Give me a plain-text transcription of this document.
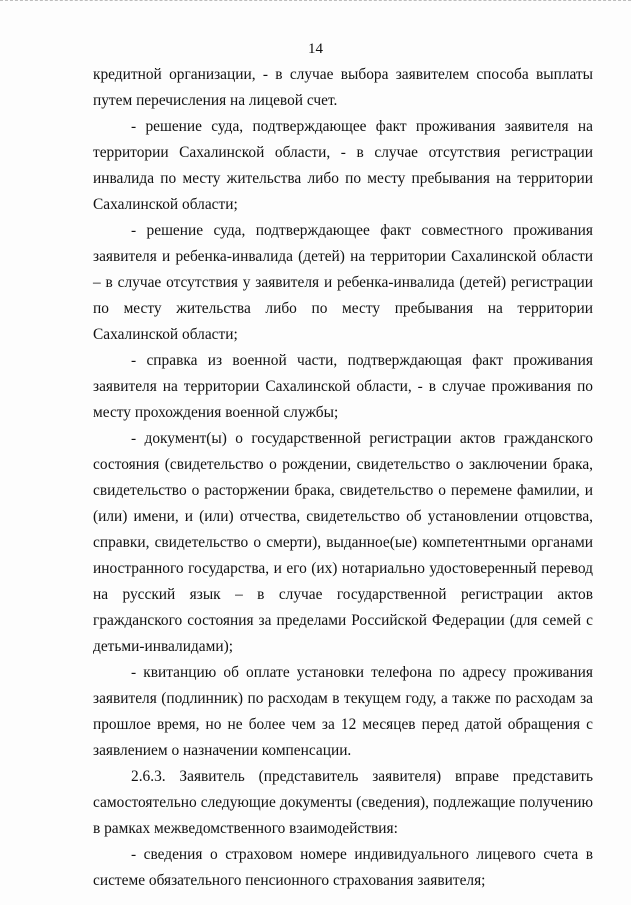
14

кредитной организации, - в случае выбора заявителем способа выплаты путем перечисления на лицевой счет.

- решение суда, подтверждающее факт проживания заявителя на территории Сахалинской области, - в случае отсутствия регистрации инвалида по месту жительства либо по месту пребывания на территории Сахалинской области;

- решение суда, подтверждающее факт совместного проживания заявителя и ребенка-инвалида (детей) на территории Сахалинской области – в случае отсутствия у заявителя и ребенка-инвалида (детей) регистрации по месту жительства либо по месту пребывания на территории Сахалинской области;

- справка из военной части, подтверждающая факт проживания заявителя на территории Сахалинской области, - в случае проживания по месту прохождения военной службы;

- документ(ы) о государственной регистрации актов гражданского состояния (свидетельство о рождении, свидетельство о заключении брака, свидетельство о расторжении брака, свидетельство о перемене фамилии, и (или) имени, и (или) отчества, свидетельство об установлении отцовства, справки, свидетельство о смерти), выданное(ые) компетентными органами иностранного государства, и его (их) нотариально удостоверенный перевод на русский язык – в случае государственной регистрации актов гражданского состояния за пределами Российской Федерации (для семей с детьми-инвалидами);

- квитанцию об оплате установки телефона по адресу проживания заявителя (подлинник) по расходам в текущем году, а также по расходам за прошлое время, но не более чем за 12 месяцев перед датой обращения с заявлением о назначении компенсации.

2.6.3. Заявитель (представитель заявителя) вправе представить самостоятельно следующие документы (сведения), подлежащие получению в рамках межведомственного взаимодействия:

- сведения о страховом номере индивидуального лицевого счета в системе обязательного пенсионного страхования заявителя;
